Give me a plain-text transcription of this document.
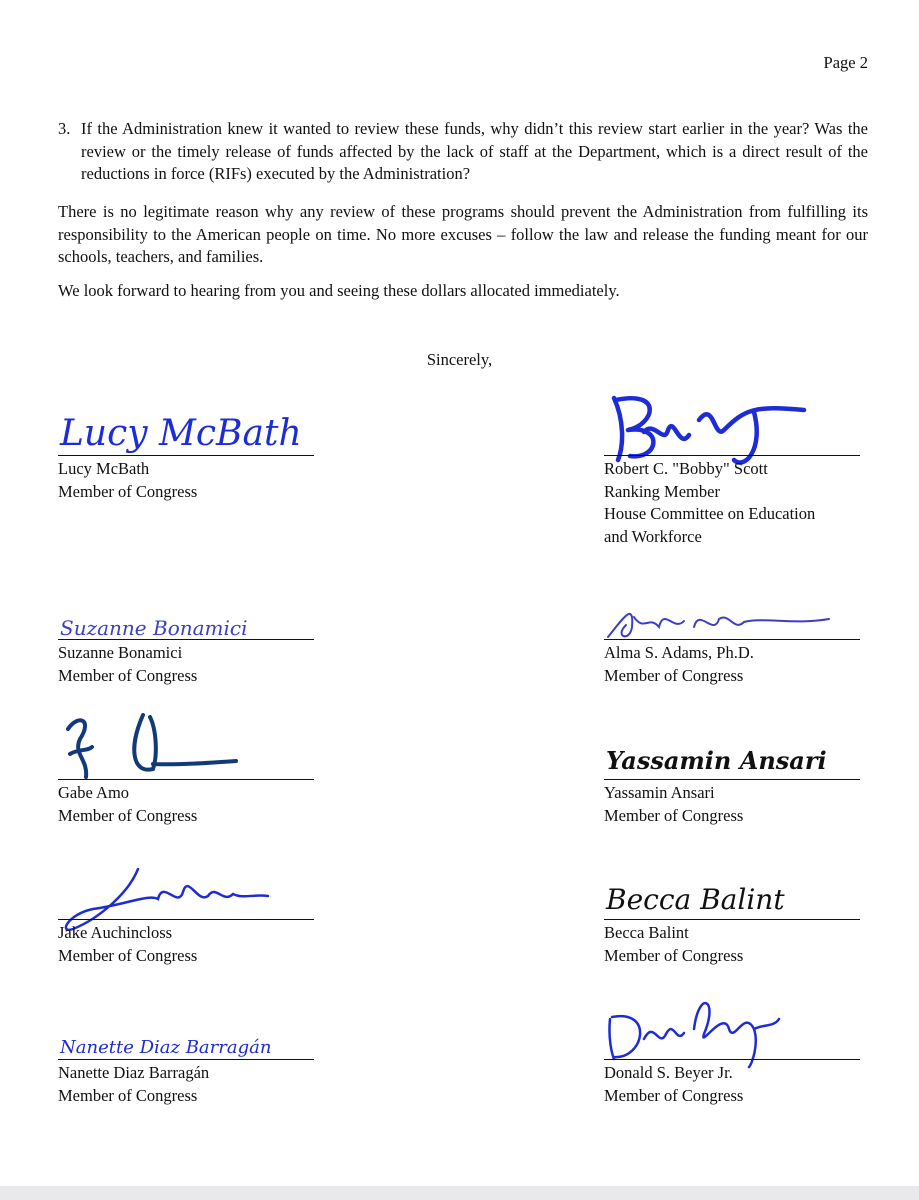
Page 2
3. If the Administration knew it wanted to review these funds, why didn’t this review start earlier in the year? Was the review or the timely release of funds affected by the lack of staff at the Department, which is a direct result of the reductions in force (RIFs) executed by the Administration?
There is no legitimate reason why any review of these programs should prevent the Administration from fulfilling its responsibility to the American people on time. No more excuses – follow the law and release the funding meant for our schools, teachers, and families.
We look forward to hearing from you and seeing these dollars allocated immediately.
Sincerely,
Lucy McBath
Lucy McBath
Member of Congress
Robert C. "Bobby" Scott
Ranking Member
House Committee on Education
and Workforce
Suzanne Bonamici
Suzanne Bonamici
Member of Congress
Alma S. Adams, Ph.D.
Member of Congress
Gabe Amo
Member of Congress
Yassamin Ansari
Yassamin Ansari
Member of Congress
Jake Auchincloss
Member of Congress
Becca Balint
Becca Balint
Member of Congress
Nanette Diaz Barragán
Nanette Diaz Barragán
Member of Congress
Donald S. Beyer Jr.
Member of Congress
